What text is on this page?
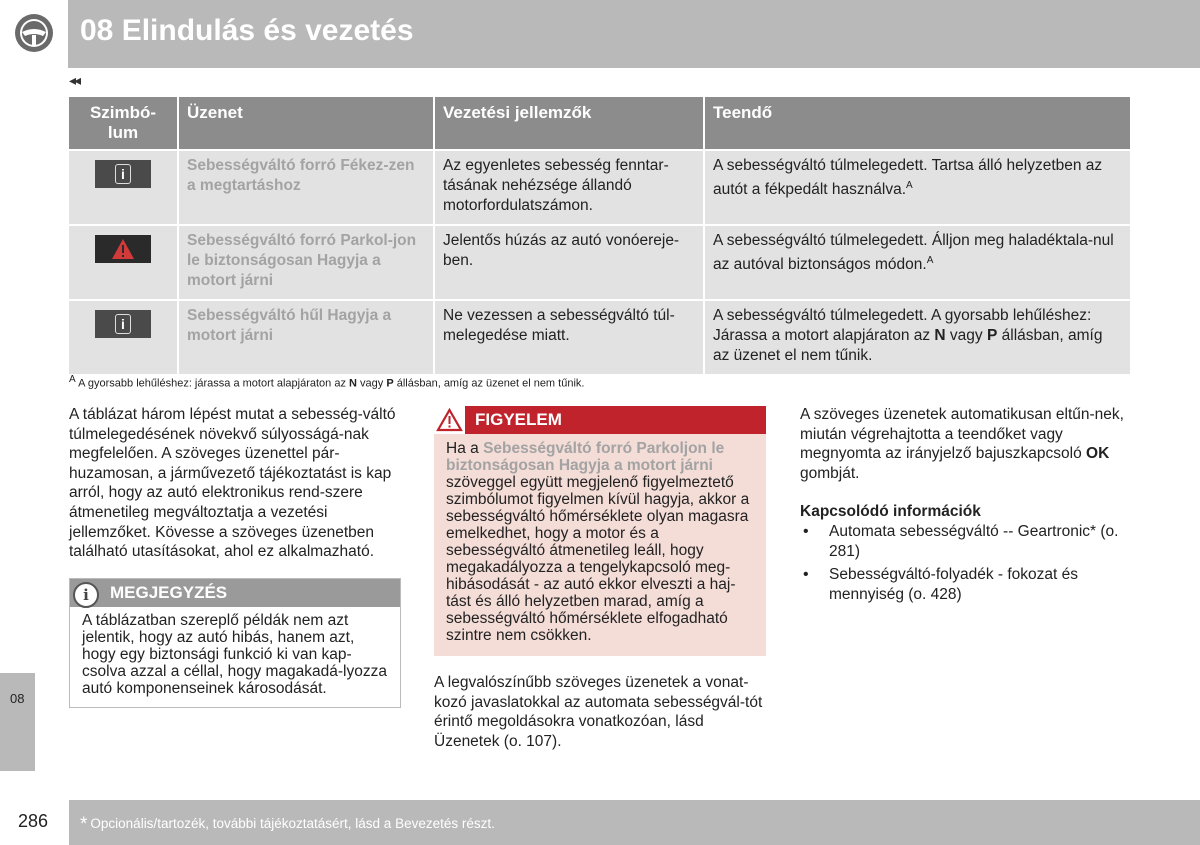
08 Elindulás és vezetés
◂◂
Szimbó-lum	Üzenet	Vezetési jellemzők	Teendő

i	Sebességváltó forró Fékez-zen a megtartáshoz	Az egyenletes sebesség fenntar-tásának nehézsége állandó motorfordulatszámon.	A sebességváltó túlmelegedett. Tartsa álló helyzetben az autót a fékpedált használva.$^A$

	Sebességváltó forró Parkol-jon le biztonságosan Hagyja a motort járni	Jelentős húzás az autó vonóereje-ben.	A sebességváltó túlmelegedett. Álljon meg haladéktala-nul az autóval biztonságos módon.$^A$

i	Sebességváltó hűl Hagyja a motort járni	Ne vezessen a sebességváltó túl-melegedése miatt.	A sebességváltó túlmelegedett. A gyorsabb lehűléshez: Járassa a motort alapjáraton az N vagy P állásban, amíg az üzenet el nem tűnik.
$^A$ A gyorsabb lehűléshez: járassa a motort alapjáraton az N vagy P állásban, amíg az üzenet el nem tűnik.
A táblázat három lépést mutat a sebesség-váltó túlmelegedésének növekvő súlyosságá-nak megfelelően. A szöveges üzenettel pár-huzamosan, a járművezető tájékoztatást is kap arról, hogy az autó elektronikus rend-szere átmenetileg megváltoztatja a vezetési jellemzőket. Kövesse a szöveges üzenetben található utasításokat, ahol ez alkalmazható.
i	MEGJEGYZÉS
A táblázatban szereplő példák nem azt jelentik, hogy az autó hibás, hanem azt, hogy egy biztonsági funkció ki van kap-csolva azzal a céllal, hogy magakadá-lyozza autó komponenseinek károsodását.
FIGYELEM
Ha a Sebességváltó forró Parkoljon le biztonságosan Hagyja a motort járni szöveggel együtt megjelenő figyelmeztető szimbólumot figyelmen kívül hagyja, akkor a sebességváltó hőmérséklete olyan magasra emelkedhet, hogy a motor és a sebességváltó átmenetileg leáll, hogy megakadályozza a tengelykapcsoló meg-hibásodását - az autó ekkor elveszti a haj-tást és álló helyzetben marad, amíg a sebességváltó hőmérséklete elfogadható szintre nem csökken.
A legvalószínűbb szöveges üzenetek a vonat-kozó javaslatokkal az automata sebességvál-tót érintő megoldásokra vonatkozóan, lásd Üzenetek (o. 107).
A szöveges üzenetek automatikusan eltűn-nek, miután végrehajtotta a teendőket vagy megnyomta az irányjelző bajuszkapcsoló OK gombját.
Kapcsolódó információk
• Automata sebességváltó -- Geartronic* (o. 281)
• Sebességváltó-folyadék - fokozat és mennyiség (o. 428)
08
286 * Opcionális/tartozék, további tájékoztatásért, lásd a Bevezetés részt.
